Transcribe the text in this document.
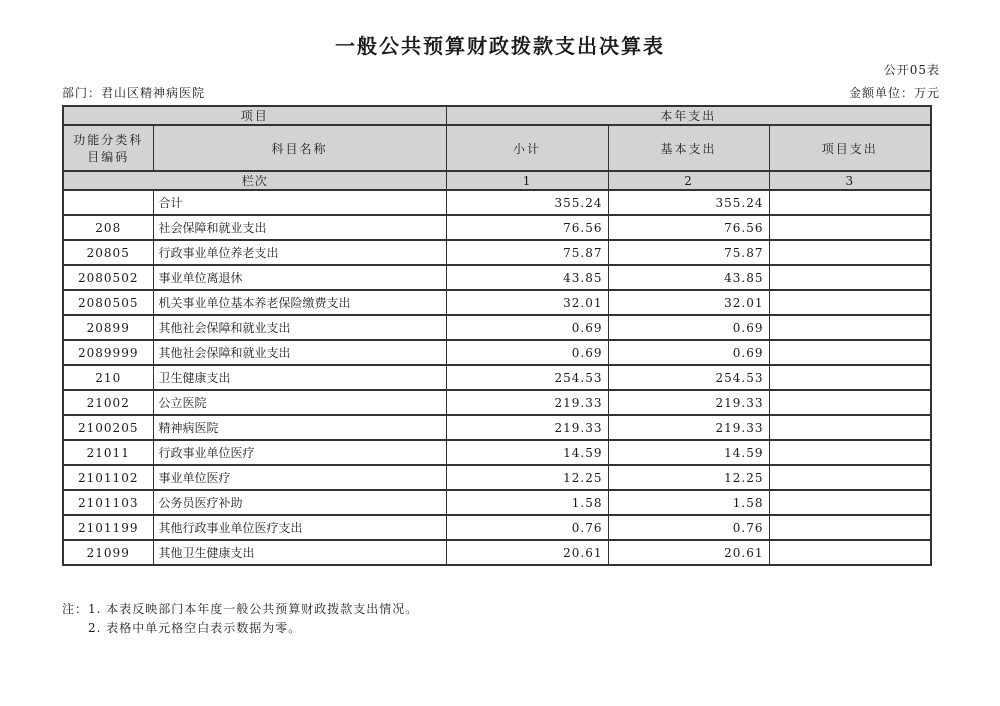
一般公共预算财政拨款支出决算表
公开05表
部门：君山区精神病医院	金额单位：万元
项目		本年支出		
功能分类科目编码	科目名称	小计	基本支出	项目支出
栏次		1	2	3
	合计	355.24	355.24	
208	社会保障和就业支出	76.56	76.56	
20805	行政事业单位养老支出	75.87	75.87	
2080502	事业单位离退休	43.85	43.85	
2080505	机关事业单位基本养老保险缴费支出	32.01	32.01	
20899	其他社会保障和就业支出	0.69	0.69	
2089999	其他社会保障和就业支出	0.69	0.69	
210	卫生健康支出	254.53	254.53	
21002	公立医院	219.33	219.33	
2100205	精神病医院	219.33	219.33	
21011	行政事业单位医疗	14.59	14.59	
2101102	事业单位医疗	12.25	12.25	
2101103	公务员医疗补助	1.58	1.58	
2101199	其他行政事业单位医疗支出	0.76	0.76	
21099	其他卫生健康支出	20.61	20.61	
注：1. 本表反映部门本年度一般公共预算财政拨款支出情况。
2. 表格中单元格空白表示数据为零。
